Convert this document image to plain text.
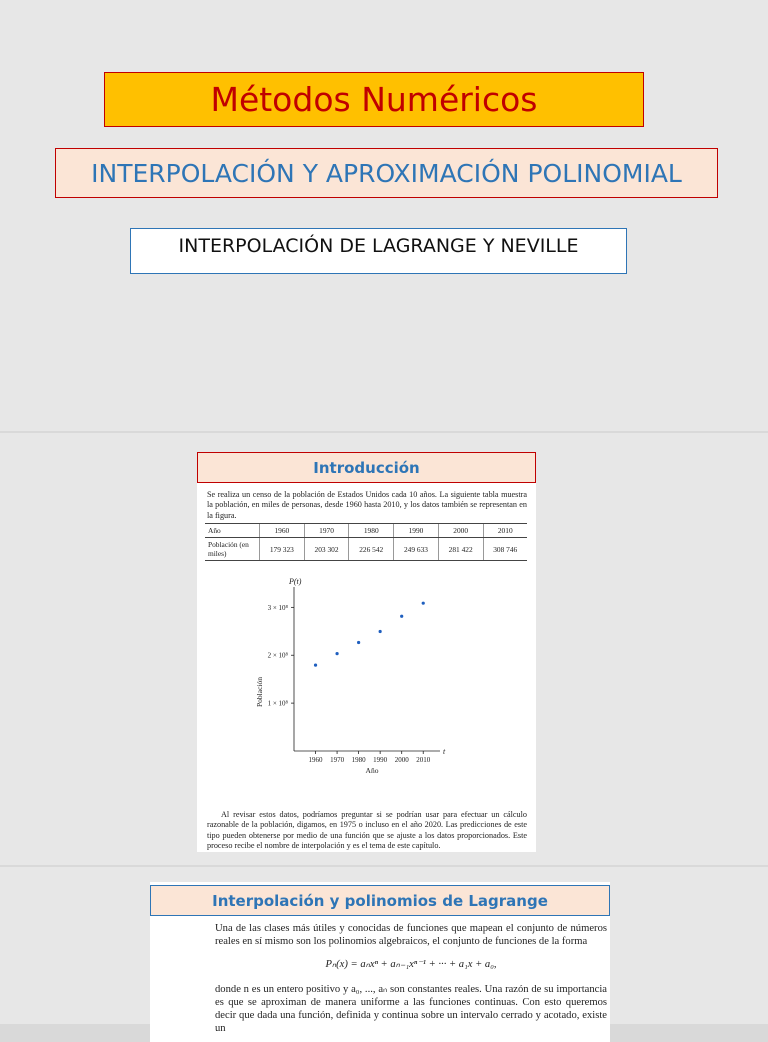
Métodos Numéricos
INTERPOLACIÓN Y APROXIMACIÓN POLINOMIAL
INTERPOLACIÓN DE LAGRANGE Y NEVILLE
Introducción
Se realiza un censo de la población de Estados Unidos cada 10 años. La siguiente tabla muestra la población, en miles de personas, desde 1960 hasta 2010, y los datos también se representan en la figura.
Año	1960	1970	1980	1990	2000	2010
Población (en miles)	179 323	203 302	226 542	249 633	281 422	308 746
P(t)
t
1 × 10⁸
2 × 10⁸
3 × 10⁸
1960 1970 1980 1990 2000 2010
Año
Población
Al revisar estos datos, podríamos preguntar si se podrían usar para efectuar un cálculo razonable de la población, digamos, en 1975 o incluso en el año 2020. Las predicciones de este tipo pueden obtenerse por medio de una función que se ajuste a los datos proporcionados. Este proceso recibe el nombre de interpolación y es el tema de este capítulo.
Interpolación y polinomios de Lagrange
Una de las clases más útiles y conocidas de funciones que mapean el conjunto de números reales en sí mismo son los polinomios algebraicos, el conjunto de funciones de la forma
Pₙ(x) = aₙxⁿ + aₙ₋₁xⁿ⁻¹ + ··· + a₁x + a₀,
donde n es un entero positivo y a₀, ..., aₙ son constantes reales. Una razón de su importancia es que se aproximan de manera uniforme a las funciones continuas. Con esto queremos decir que dada una función, definida y continua sobre un intervalo cerrado y acotado, existe un
